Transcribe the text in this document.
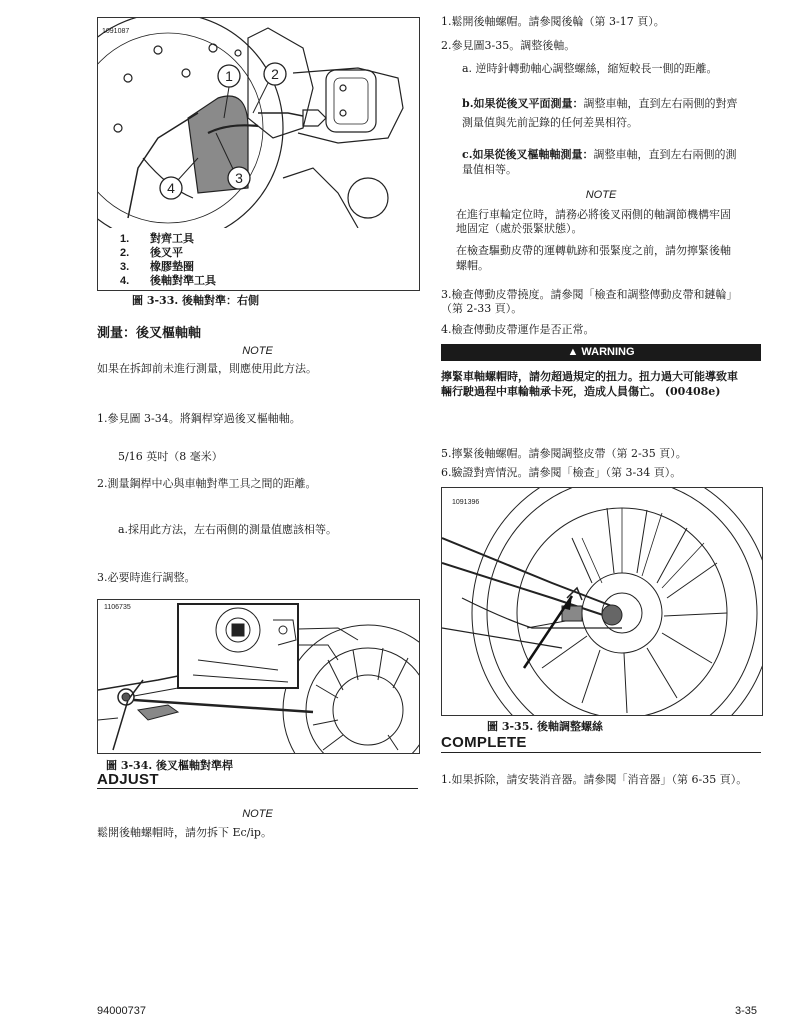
1091087
1	2
3
4
1. 對齊工具
2. 後叉平
3. 橡膠墊圈
4. 後軸對準工具
圖 3-33. 後軸對準：右側
測量：後叉樞軸軸
NOTE
如果在拆卸前未進行測量，則應使用此方法。
1.參見圖 3-34。將鋼桿穿過後叉樞軸軸。
5/16 英吋（8 毫米）
2.測量鋼桿中心與車軸對準工具之間的距離。
a.採用此方法，左右兩側的測量值應該相等。
3.必要時進行調整。
1106735
圖 3-34. 後叉樞軸對準桿
ADJUST
NOTE
鬆開後軸螺帽時，請勿拆下 Ec/ip。
1.鬆開後軸螺帽。請參閱後輪（第 3-17 頁）。
2.參見圖3-35。調整後軸。
a. 逆時針轉動軸心調整螺絲，縮短較長一側的距離。
b.如果從後叉平面測量：調整車軸，直到左右兩側的對齊
測量值與先前記錄的任何差異相符。
c.如果從後叉樞軸軸測量：調整車軸，直到左右兩側的測
量值相等。
NOTE
在進行車輪定位時，請務必將後叉兩側的軸調節機構牢固
地固定（處於張緊狀態）。
在檢查驅動皮帶的運轉軌跡和張緊度之前，請勿擰緊後軸
螺帽。
3.檢查傳動皮帶撓度。請參閱「檢查和調整傳動皮帶和鏈輪」
（第 2-33 頁）。
4.檢查傳動皮帶運作是否正常。
▲ WARNING
擰緊車軸螺帽時，請勿超過規定的扭力。扭力過大可能導致車
輛行駛過程中車輪軸承卡死，造成人員傷亡。 (00408e)
5.擰緊後軸螺帽。請參閱調整皮帶（第 2-35 頁）。
6.驗證對齊情況。請參閱「檢查」（第 3-34 頁）。
1091396
圖 3-35. 後軸調整螺絲
COMPLETE
1.如果拆除，請安裝消音器。請參閱「消音器」（第 6-35 頁）。
94000737	3-35
